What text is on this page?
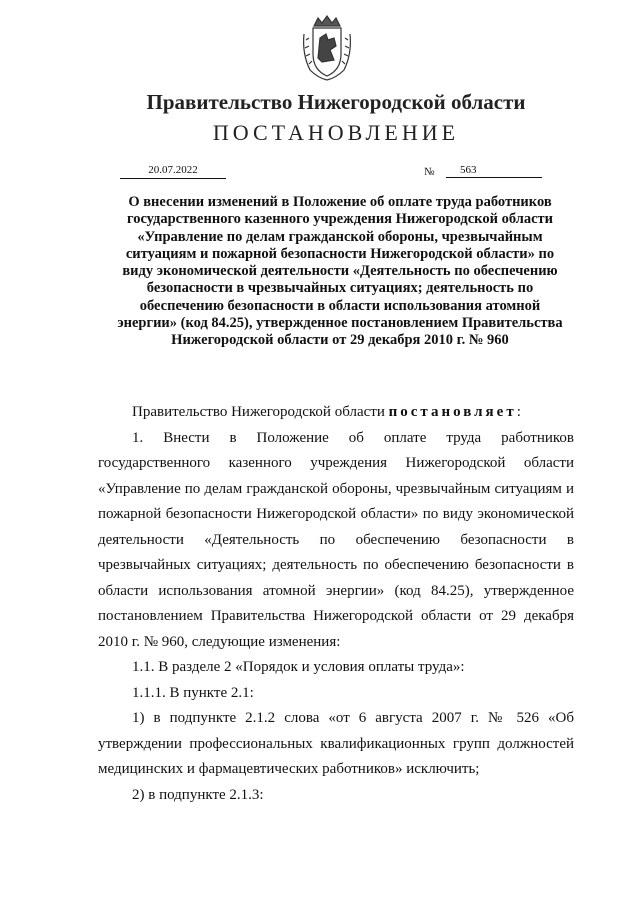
Правительство Нижегородской области
ПОСТАНОВЛЕНИЕ
20.07.2022	№	563

О внесении изменений в Положение об оплате труда работников государственного казенного учреждения Нижегородской области «Управление по делам гражданской обороны, чрезвычайным ситуациям и пожарной безопасности Нижегородской области» по виду экономической деятельности «Деятельность по обеспечению безопасности в чрезвычайных ситуациях; деятельность по обеспечению безопасности в области использования атомной энергии» (код 84.25), утвержденное постановлением Правительства Нижегородской области от 29 декабря 2010 г. № 960

Правительство Нижегородской области постановляет:

1. Внести в Положение об оплате труда работников государственного казенного учреждения Нижегородской области «Управление по делам гражданской обороны, чрезвычайным ситуациям и пожарной безопасности Нижегородской области» по виду экономической деятельности «Деятельность по обеспечению безопасности в чрезвычайных ситуациях; деятельность по обеспечению безопасности в области использования атомной энергии» (код 84.25), утвержденное постановлением Правительства Нижегородской области от 29 декабря 2010 г. № 960, следующие изменения:

1.1. В разделе 2 «Порядок и условия оплаты труда»:

1.1.1. В пункте 2.1:

1) в подпункте 2.1.2 слова «от 6 августа 2007 г. № 526 «Об утверждении профессиональных квалификационных групп должностей медицинских и фармацевтических работников» исключить;

2) в подпункте 2.1.3:
